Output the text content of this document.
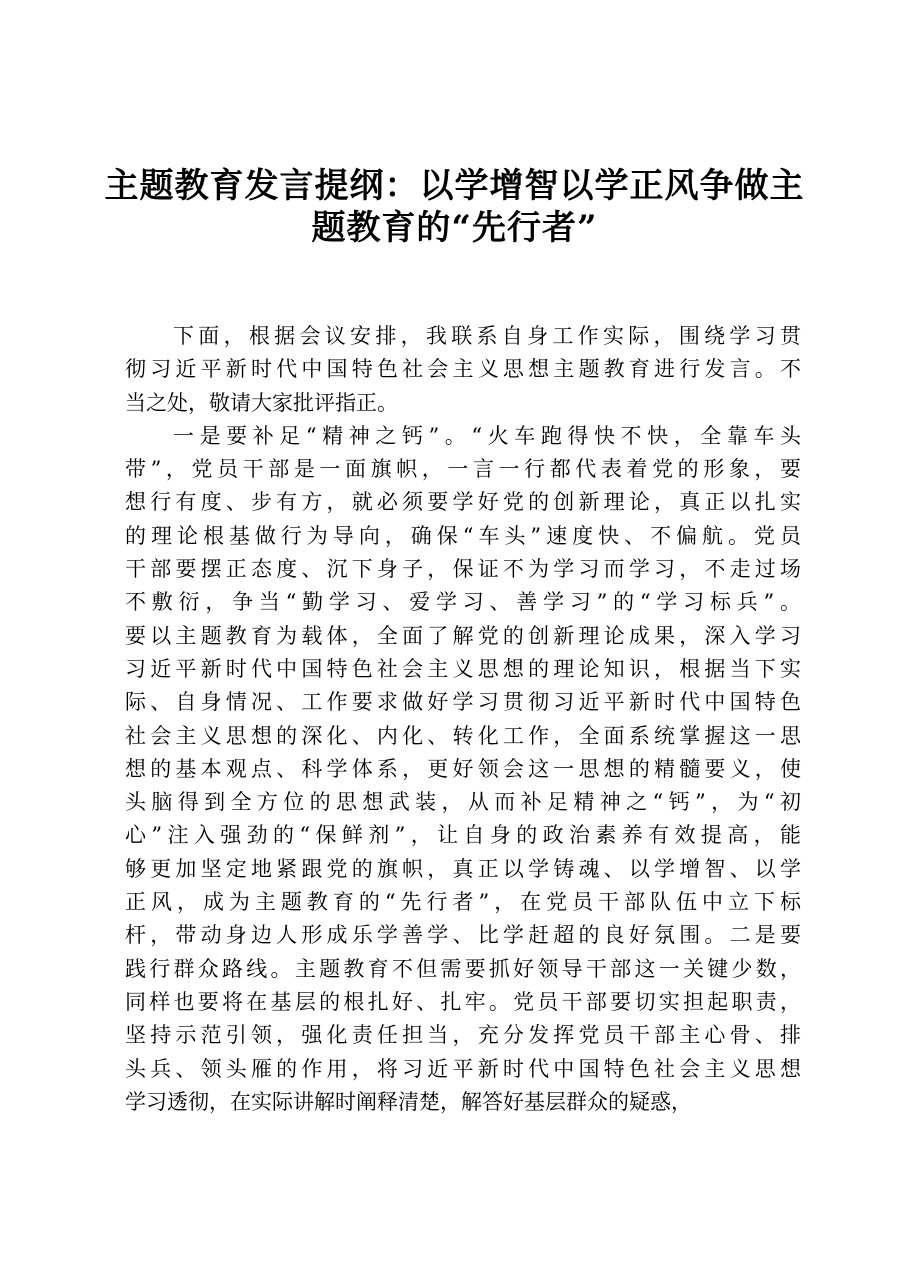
主题教育发言提纲：以学增智以学正风争做主
题教育的“先行者”
下面，根据会议安排，我联系自身工作实际，围绕学习贯
彻习近平新时代中国特色社会主义思想主题教育进行发言。不
当之处，敬请大家批评指正。
一是要补足“精神之钙”。“火车跑得快不快，全靠车头
带”，党员干部是一面旗帜，一言一行都代表着党的形象，要
想行有度、步有方，就必须要学好党的创新理论，真正以扎实
的理论根基做行为导向，确保“车头”速度快、不偏航。党员
干部要摆正态度、沉下身子，保证不为学习而学习，不走过场
不敷衍，争当“勤学习、爱学习、善学习”的“学习标兵”。
要以主题教育为载体，全面了解党的创新理论成果，深入学习
习近平新时代中国特色社会主义思想的理论知识，根据当下实
际、自身情况、工作要求做好学习贯彻习近平新时代中国特色
社会主义思想的深化、内化、转化工作，全面系统掌握这一思
想的基本观点、科学体系，更好领会这一思想的精髓要义，使
头脑得到全方位的思想武装，从而补足精神之“钙”，为“初
心”注入强劲的“保鲜剂”，让自身的政治素养有效提高，能
够更加坚定地紧跟党的旗帜，真正以学铸魂、以学增智、以学
正风，成为主题教育的“先行者”，在党员干部队伍中立下标
杆，带动身边人形成乐学善学、比学赶超的良好氛围。二是要
践行群众路线。主题教育不但需要抓好领导干部这一关键少数，
同样也要将在基层的根扎好、扎牢。党员干部要切实担起职责，
坚持示范引领，强化责任担当，充分发挥党员干部主心骨、排
头兵、领头雁的作用，将习近平新时代中国特色社会主义思想
学习透彻，在实际讲解时阐释清楚，解答好基层群众的疑惑，
